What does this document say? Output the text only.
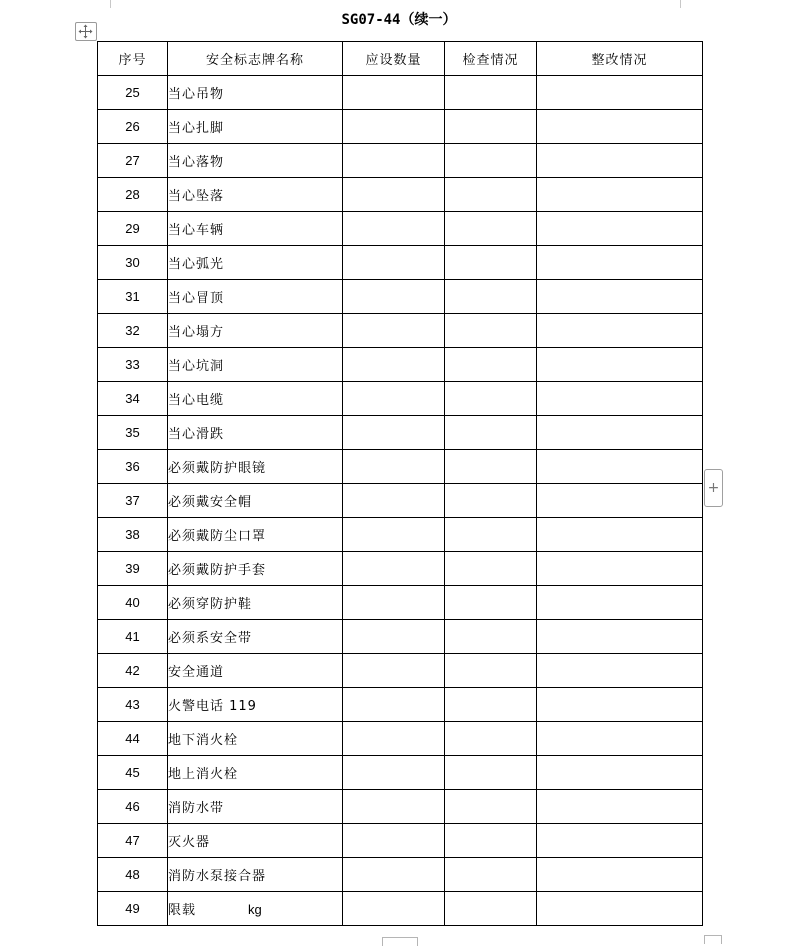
SG07-44（续一）
+
序号	安全标志牌名称	应设数量	检查情况	整改情况
25	当心吊物			
26	当心扎脚			
27	当心落物			
28	当心坠落			
29	当心车辆			
30	当心弧光			
31	当心冒顶			
32	当心塌方			
33	当心坑洞			
34	当心电缆			
35	当心滑跌			
36	必须戴防护眼镜			
37	必须戴安全帽			
38	必须戴防尘口罩			
39	必须戴防护手套			
40	必须穿防护鞋			
41	必须系安全带			
42	安全通道			
43	火警电话 119			
44	地下消火栓			
45	地上消火栓			
46	消防水带			
47	灭火器			
48	消防水泵接合器			
49	限载 kg			
